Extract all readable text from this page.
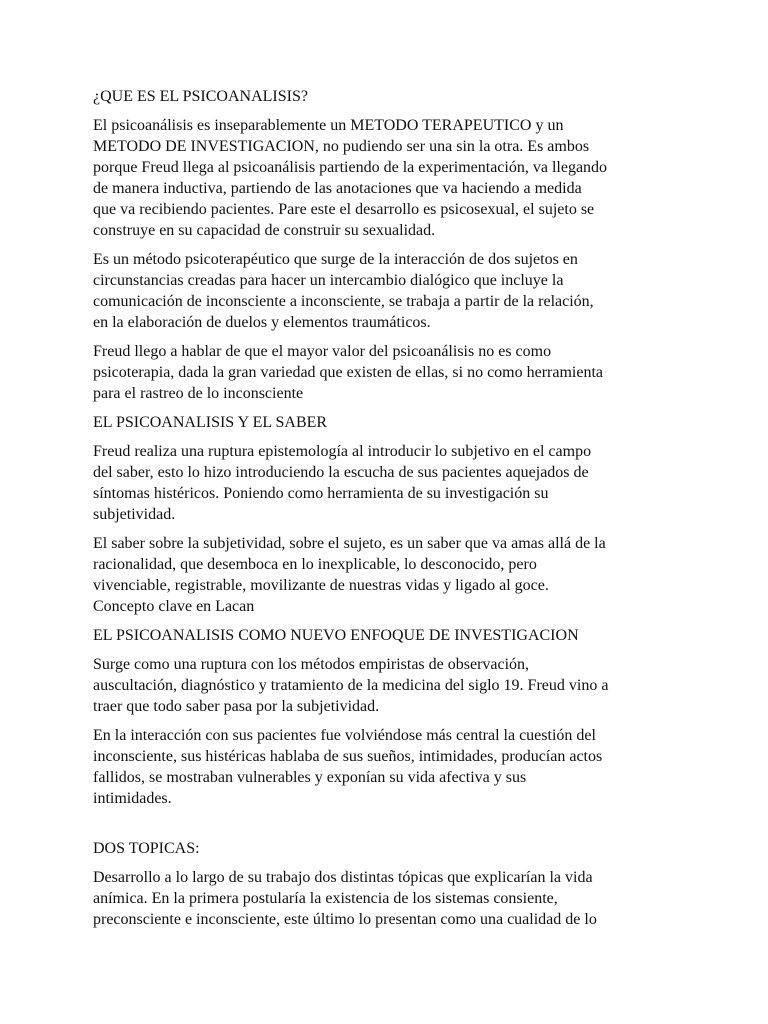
¿QUE ES EL PSICOANALISIS?
El psicoanálisis es inseparablemente un METODO TERAPEUTICO y un
METODO DE INVESTIGACION, no pudiendo ser una sin la otra. Es ambos
porque Freud llega al psicoanálisis partiendo de la experimentación, va llegando
de manera inductiva, partiendo de las anotaciones que va haciendo a medida
que va recibiendo pacientes. Pare este el desarrollo es psicosexual, el sujeto se
construye en su capacidad de construir su sexualidad.
Es un método psicoterapéutico que surge de la interacción de dos sujetos en
circunstancias creadas para hacer un intercambio dialógico que incluye la
comunicación de inconsciente a inconsciente, se trabaja a partir de la relación,
en la elaboración de duelos y elementos traumáticos.
Freud llego a hablar de que el mayor valor del psicoanálisis no es como
psicoterapia, dada la gran variedad que existen de ellas, si no como herramienta
para el rastreo de lo inconsciente
EL PSICOANALISIS Y EL SABER
Freud realiza una ruptura epistemología al introducir lo subjetivo en el campo
del saber, esto lo hizo introduciendo la escucha de sus pacientes aquejados de
síntomas histéricos. Poniendo como herramienta de su investigación su
subjetividad.
El saber sobre la subjetividad, sobre el sujeto, es un saber que va amas allá de la
racionalidad, que desemboca en lo inexplicable, lo desconocido, pero
vivenciable, registrable, movilizante de nuestras vidas y ligado al goce.
Concepto clave en Lacan
EL PSICOANALISIS COMO NUEVO ENFOQUE DE INVESTIGACION
Surge como una ruptura con los métodos empiristas de observación,
auscultación, diagnóstico y tratamiento de la medicina del siglo 19. Freud vino a
traer que todo saber pasa por la subjetividad.
En la interacción con sus pacientes fue volviéndose más central la cuestión del
inconsciente, sus histéricas hablaba de sus sueños, intimidades, producían actos
fallidos, se mostraban vulnerables y exponían su vida afectiva y sus
intimidades.
DOS TOPICAS:
Desarrollo a lo largo de su trabajo dos distintas tópicas que explicarían la vida
anímica. En la primera postularía la existencia de los sistemas consiente,
preconsciente e inconsciente, este último lo presentan como una cualidad de lo
